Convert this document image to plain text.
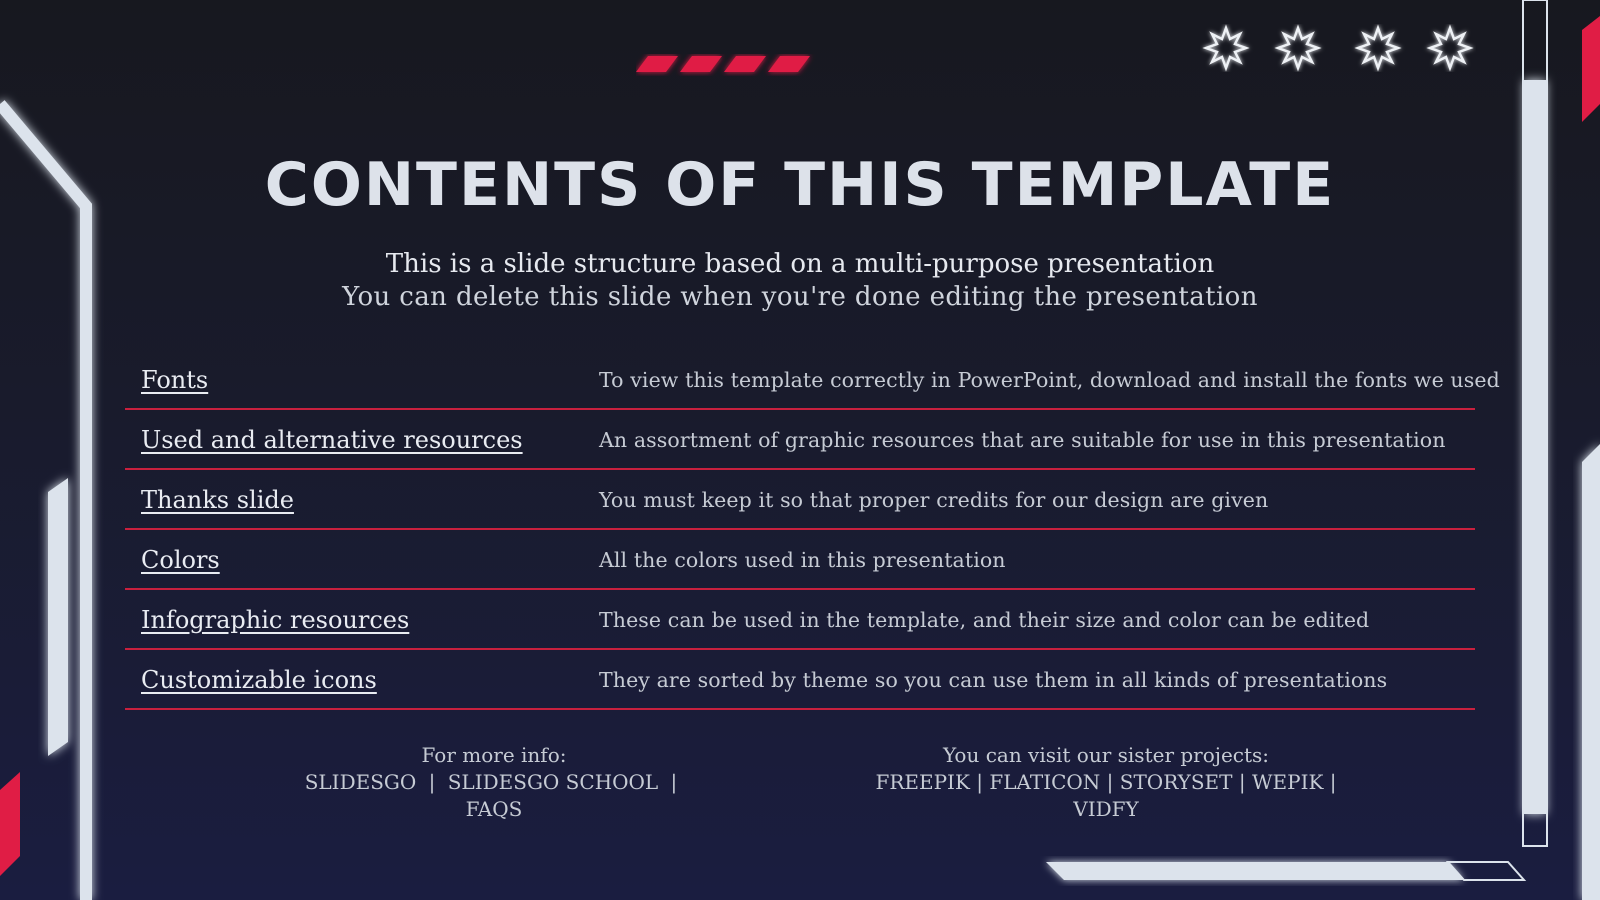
CONTENTS OF THIS TEMPLATE
This is a slide structure based on a multi-purpose presentation
You can delete this slide when you're done editing the presentation
Fonts	To view this template correctly in PowerPoint, download and install the fonts we used
Used and alternative resources	An assortment of graphic resources that are suitable for use in this presentation
Thanks slide	You must keep it so that proper credits for our design are given
Colors	All the colors used in this presentation
Infographic resources	These can be used in the template, and their size and color can be edited
Customizable icons	They are sorted by theme so you can use them in all kinds of presentations
For more info:
SLIDESGO | SLIDESGO SCHOOL | FAQS
You can visit our sister projects:
FREEPIK | FLATICON | STORYSET | WEPIK | VIDFY
